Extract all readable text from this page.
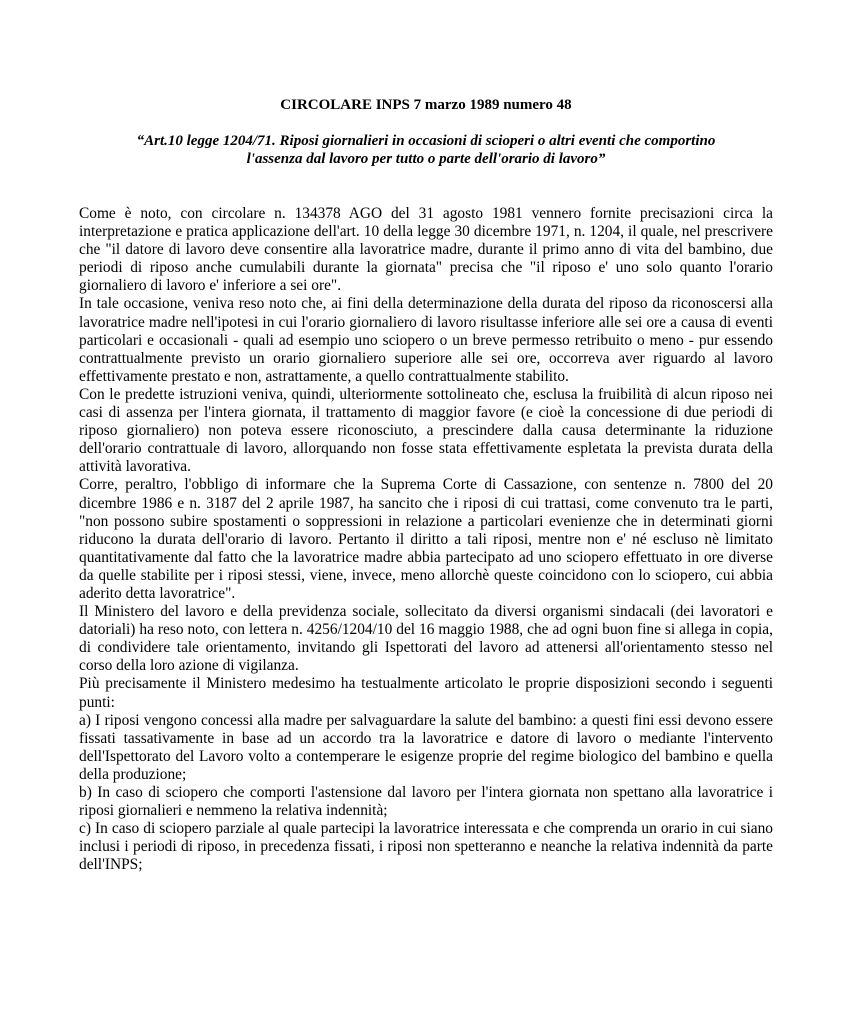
CIRCOLARE INPS 7 marzo 1989 numero 48
“Art.10 legge 1204/71. Riposi giornalieri in occasioni di scioperi o altri eventi che comportino
l'assenza dal lavoro per tutto o parte dell'orario di lavoro”

Come è noto, con circolare n. 134378 AGO del 31 agosto 1981 vennero fornite precisazioni circa la interpretazione e pratica applicazione dell'art. 10 della legge 30 dicembre 1971, n. 1204, il quale, nel prescrivere che "il datore di lavoro deve consentire alla lavoratrice madre, durante il primo anno di vita del bambino, due periodi di riposo anche cumulabili durante la giornata" precisa che "il riposo e' uno solo quanto l'orario giornaliero di lavoro e' inferiore a sei ore".

In tale occasione, veniva reso noto che, ai fini della determinazione della durata del riposo da riconoscersi alla lavoratrice madre nell'ipotesi in cui l'orario giornaliero di lavoro risultasse inferiore alle sei ore a causa di eventi particolari e occasionali - quali ad esempio uno sciopero o un breve permesso retribuito o meno - pur essendo contrattualmente previsto un orario giornaliero superiore alle sei ore, occorreva aver riguardo al lavoro effettivamente prestato e non, astrattamente, a quello contrattualmente stabilito.

Con le predette istruzioni veniva, quindi, ulteriormente sottolineato che, esclusa la fruibilità di alcun riposo nei casi di assenza per l'intera giornata, il trattamento di maggior favore (e cioè la concessione di due periodi di riposo giornaliero) non poteva essere riconosciuto, a prescindere dalla causa determinante la riduzione dell'orario contrattuale di lavoro, allorquando non fosse stata effettivamente espletata la prevista durata della attività lavorativa.

Corre, peraltro, l'obbligo di informare che la Suprema Corte di Cassazione, con sentenze n. 7800 del 20 dicembre 1986 e n. 3187 del 2 aprile 1987, ha sancito che i riposi di cui trattasi, come convenuto tra le parti, "non possono subire spostamenti o soppressioni in relazione a particolari evenienze che in determinati giorni riducono la durata dell'orario di lavoro. Pertanto il diritto a tali riposi, mentre non e' né escluso nè limitato quantitativamente dal fatto che la lavoratrice madre abbia partecipato ad uno sciopero effettuato in ore diverse da quelle stabilite per i riposi stessi, viene, invece, meno allorchè queste coincidono con lo sciopero, cui abbia aderito detta lavoratrice".

Il Ministero del lavoro e della previdenza sociale, sollecitato da diversi organismi sindacali (dei lavoratori e datoriali) ha reso noto, con lettera n. 4256/1204/10 del 16 maggio 1988, che ad ogni buon fine si allega in copia, di condividere tale orientamento, invitando gli Ispettorati del lavoro ad attenersi all'orientamento stesso nel corso della loro azione di vigilanza.

Più precisamente il Ministero medesimo ha testualmente articolato le proprie disposizioni secondo i seguenti punti:

a) I riposi vengono concessi alla madre per salvaguardare la salute del bambino: a questi fini essi devono essere fissati tassativamente in base ad un accordo tra la lavoratrice e datore di lavoro o mediante l'intervento dell'Ispettorato del Lavoro volto a contemperare le esigenze proprie del regime biologico del bambino e quella della produzione;

b) In caso di sciopero che comporti l'astensione dal lavoro per l'intera giornata non spettano alla lavoratrice i riposi giornalieri e nemmeno la relativa indennità;

c) In caso di sciopero parziale al quale partecipi la lavoratrice interessata e che comprenda un orario in cui siano inclusi i periodi di riposo, in precedenza fissati, i riposi non spetteranno e neanche la relativa indennità da parte dell'INPS;
